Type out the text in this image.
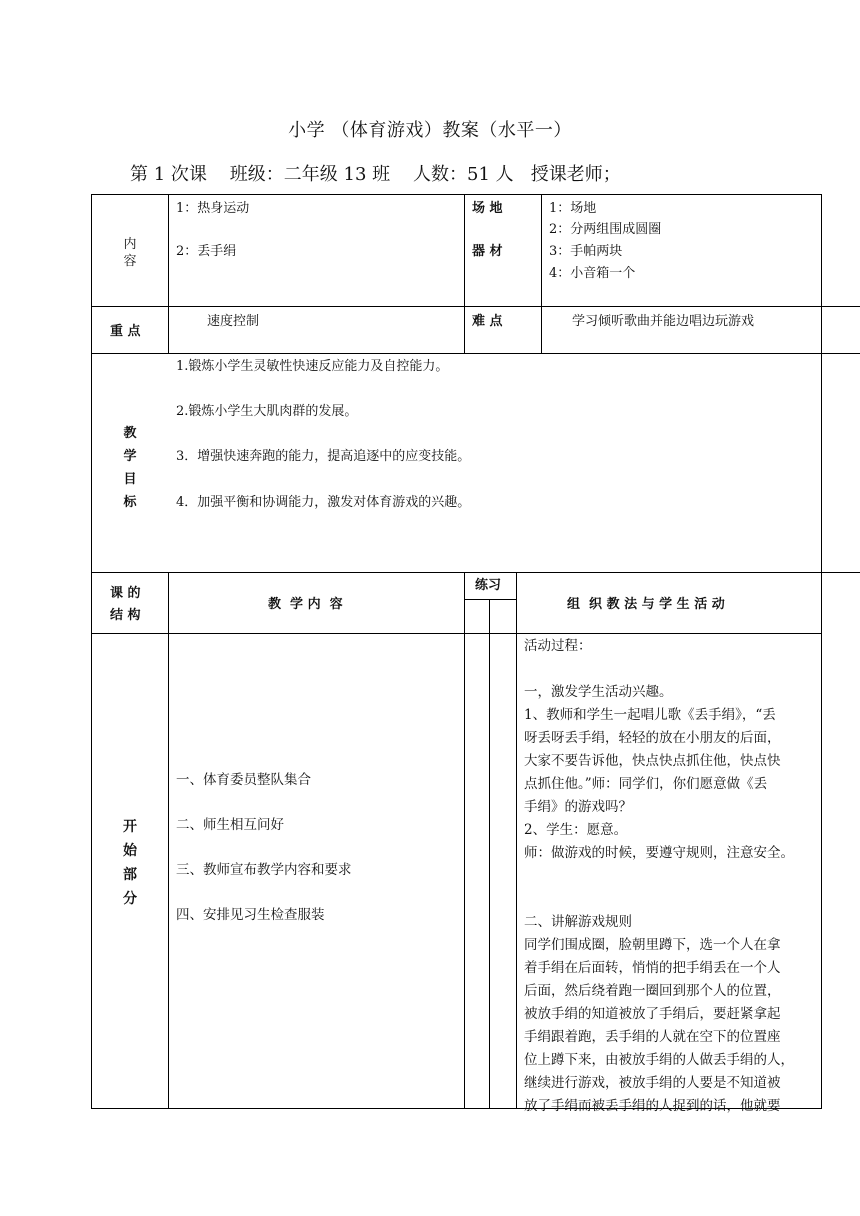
小学 （体育游戏）教案（水平一）
第 1 次课    班级：二年级 13 班    人数：51 人   授课老师；
内
容
1：热身运动
2：丢手绢
场 地
器 材
1：场地
2：分两组围成圆圈
3：手帕两块
4：小音箱一个
重 点
速度控制	难 点	学习倾听歌曲并能边唱边玩游戏
教
学
目
标
1.锻炼小学生灵敏性快速反应能力及自控能力。
2.锻炼小学生大肌肉群的发展。
3．增强快速奔跑的能力，提高追逐中的应变技能。
4．加强平衡和协调能力，激发对体育游戏的兴趣。
课 的
结 构
教  学 内  容
练习
组  织 教 法 与 学 生 活 动
开
始
部
分
一、体育委员整队集合
二、师生相互问好
三、教师宣布教学内容和要求
四、安排见习生检查服装
活动过程：
一，激发学生活动兴趣。
1、教师和学生一起唱儿歌《丢手绢》，“丢
呀丢呀丢手绢，轻轻的放在小朋友的后面，
大家不要告诉他，快点快点抓住他，快点快
点抓住他。”师：同学们，你们愿意做《丢
手绢》的游戏吗？
2、学生：愿意。
师：做游戏的时候，要遵守规则，注意安全。
二、讲解游戏规则
同学们围成圈，脸朝里蹲下，选一个人在拿
着手绢在后面转，悄悄的把手绢丢在一个人
后面，然后绕着跑一圈回到那个人的位置，
被放手绢的知道被放了手绢后，要赶紧拿起
手绢跟着跑，丢手绢的人就在空下的位置座
位上蹲下来，由被放手绢的人做丢手绢的人，
继续进行游戏，被放手绢的人要是不知道被
放了手绢而被丢手绢的人捉到的话，他就要
